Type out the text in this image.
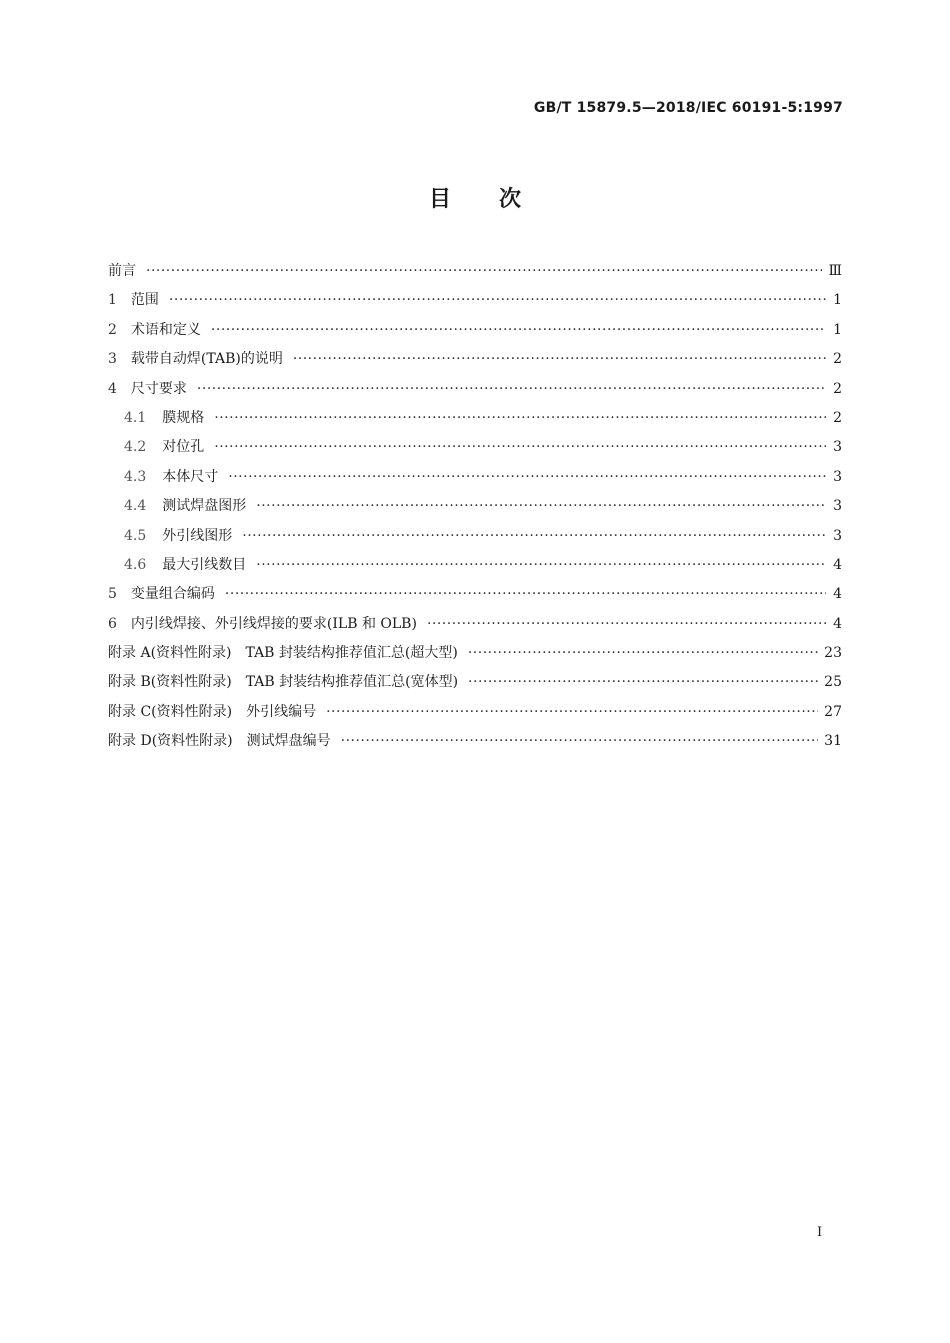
GB/T 15879.5—2018/IEC 60191-5:1997
目次
前言 ·····	Ⅲ
1 范围 ·····	1
2 术语和定义 ·····	1
3 载带自动焊(TAB)的说明 ·····	2
4 尺寸要求 ·····	2
4.1 膜规格 ·····	2
4.2 对位孔 ·····	3
4.3 本体尺寸 ·····	3
4.4 测试焊盘图形 ·····	3
4.5 外引线图形 ·····	3
4.6 最大引线数目 ·····	4
5 变量组合编码 ·····	4
6 内引线焊接、外引线焊接的要求(ILB 和 OLB) ·····	4
附录 A (资料性附录) TAB 封装结构推荐值汇总(超大型) ·····	23
附录 B (资料性附录) TAB 封装结构推荐值汇总(宽体型) ·····	25
附录 C (资料性附录) 外引线编号 ·····	27
附录 D (资料性附录) 测试焊盘编号 ·····	31
I
